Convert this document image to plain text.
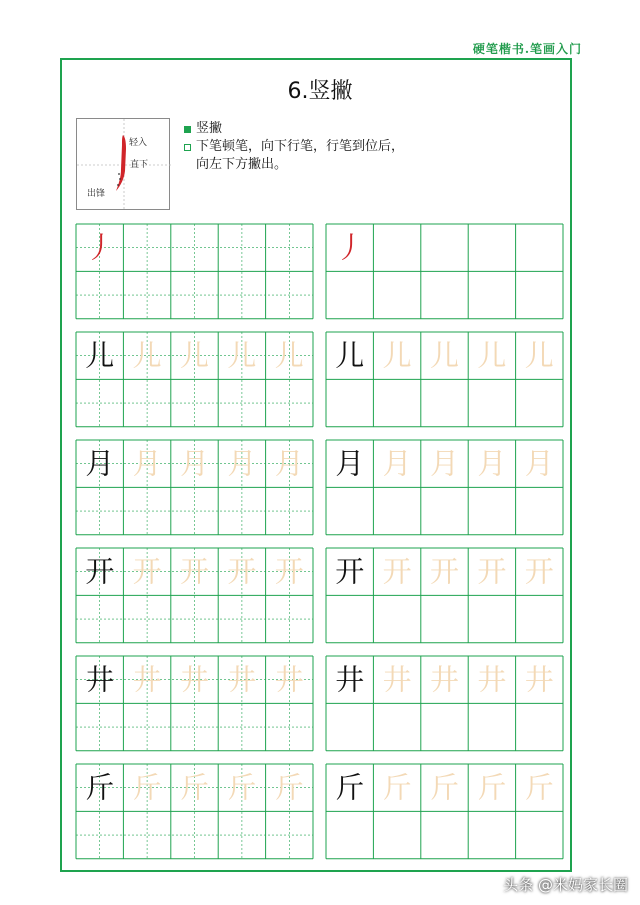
硬笔楷书.笔画入门
6.竖撇
轻入
直下
出锋
竖撇
下笔顿笔，向下行笔，行笔到位后，
向左下方撇出。
丿	丿
儿 儿 儿 儿 儿 儿 儿 儿 儿 儿
月 月 月 月 月 月 月 月 月 月
开 开 开 开 开 开 开 开 开 开
井 井 井 井 井 井 井 井 井 井
斤 斤 斤 斤 斤 斤 斤 斤 斤 斤
头条 @米妈家长圈
